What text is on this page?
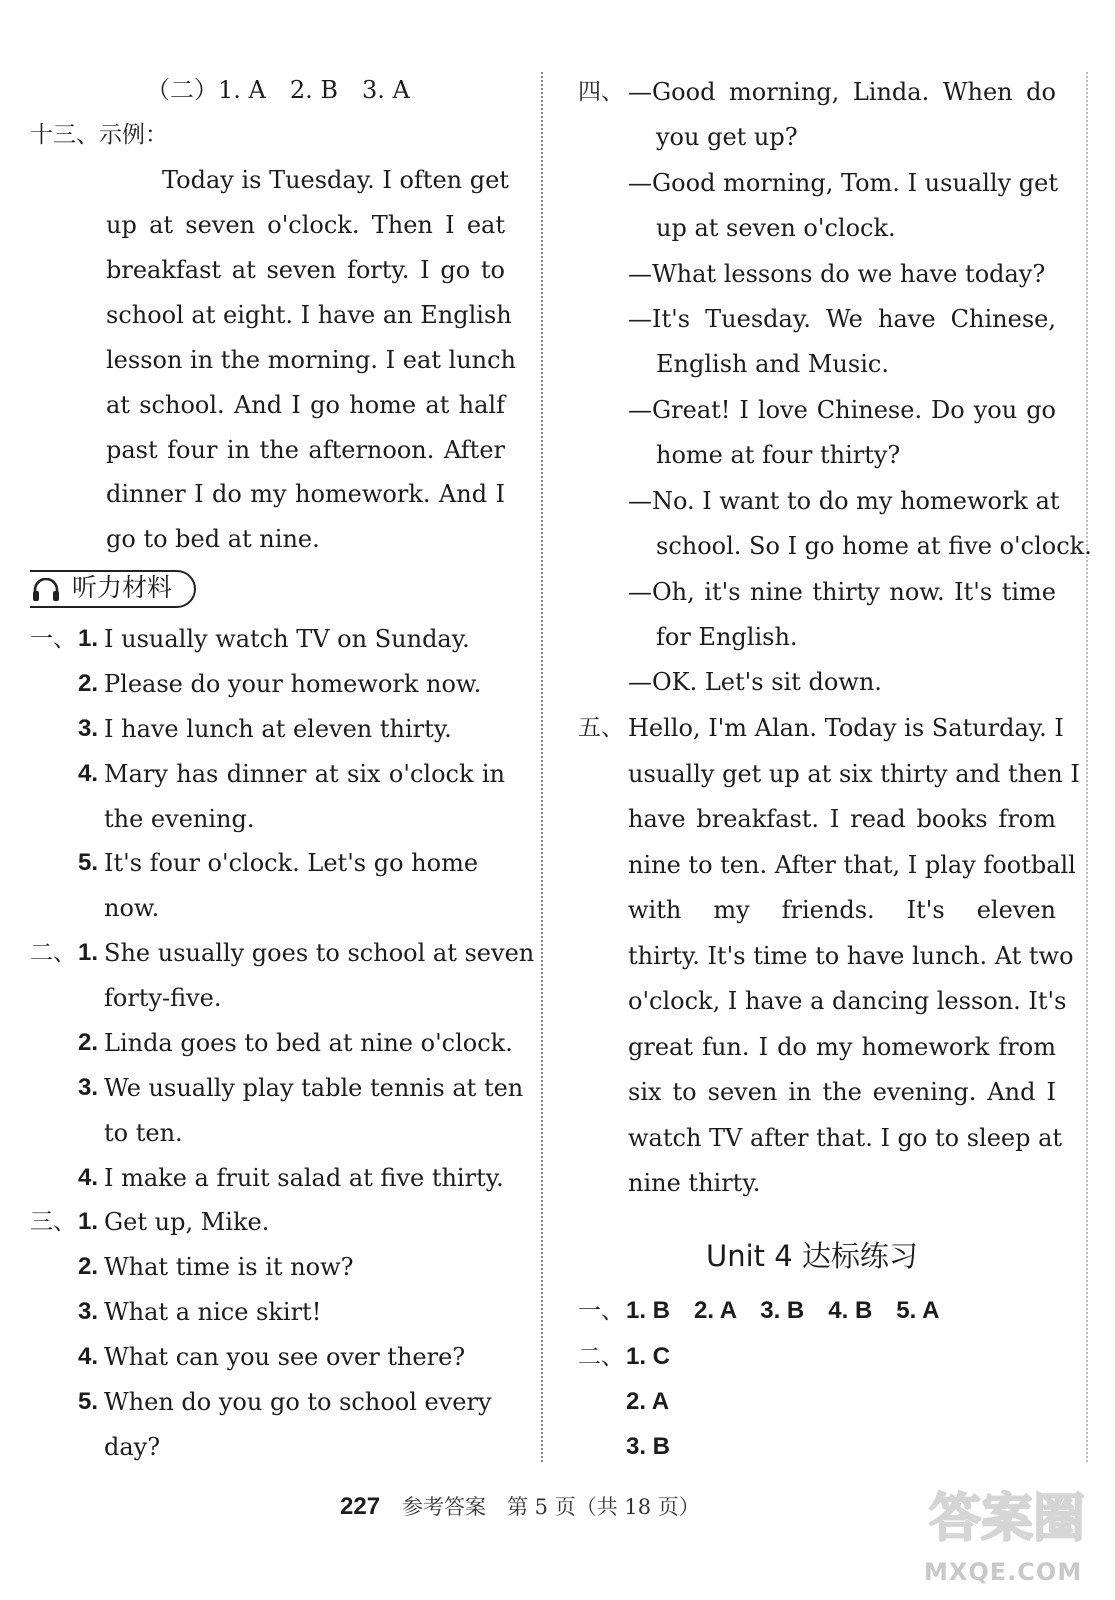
（二）1. A　2. B　3. A
十三、示例：
Today is Tuesday. I often get
up at seven o'clock. Then I eat
breakfast at seven forty. I go to
school at eight. I have an English
lesson in the morning. I eat lunch
at school. And I go home at half
past four in the afternoon. After
dinner I do my homework. And I
go to bed at nine.
听力材料
一、 1. I usually watch TV on Sunday.
2. Please do your homework now.
3. I have lunch at eleven thirty.
4. Mary has dinner at six o'clock in
the evening.
5. It's four o'clock. Let's go home
now.
二、 1. She usually goes to school at seven
forty-five.
2. Linda goes to bed at nine o'clock.
3. We usually play table tennis at ten
to ten.
4. I make a fruit salad at five thirty.
三、 1. Get up, Mike.
2. What time is it now?
3. What a nice skirt!
4. What can you see over there?
5. When do you go to school every
day?
四、 —Good morning, Linda. When do
you get up?
—Good morning, Tom. I usually get
up at seven o'clock.
—What lessons do we have today?
—It's Tuesday. We have Chinese,
English and Music.
—Great! I love Chinese. Do you go
home at four thirty?
—No. I want to do my homework at
school. So I go home at five o'clock.
—Oh, it's nine thirty now. It's time
for English.
—OK. Let's sit down.
五、 Hello, I'm Alan. Today is Saturday. I
usually get up at six thirty and then I
have breakfast. I read books from
nine to ten. After that, I play football
with my friends. It's eleven
thirty. It's time to have lunch. At two
o'clock, I have a dancing lesson. It's
great fun. I do my homework from
six to seven in the evening. And I
watch TV after that. I go to sleep at
nine thirty.
Unit 4 达标练习
一、 1. B　2. A　3. B　4. B　5. A
二、 1. C
2. A
3. B
227 参考答案　第 5 页（共 18 页）	答案圈
MXQE.COM
